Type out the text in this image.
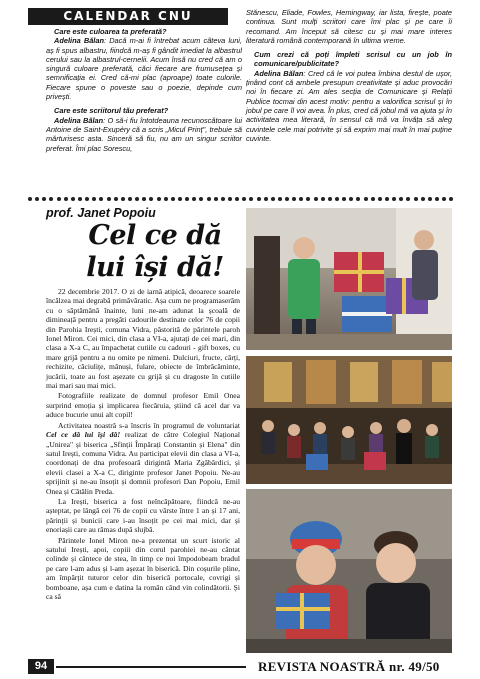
CALENDAR CNU
Care este culoarea ta preferată?
Adelina Bălan: Dacă m-ai fi întrebat acum câteva luni, aș fi spus albastru, fiindcă m-aș fi gândit imediat la albastrul cerului sau la albastrul-cernelii. Acum însă nu cred că am o singură culoare preferată, căci fiecare are frumusețea și semnificația ei. Cred că-mi plac (aproape) toate culorile. Fiecare spune o poveste sau o poezie, depinde cum privești.
Care este scriitorul tău preferat?
Adelina Bălan: O să-i fiu întotdeauna recunoscătoare lui Antoine de Saint-Exupéry că a scris „Micul Prinț", trebuie să mărturisesc asta. Sinceră să fiu, nu am un singur scriitor preferat. Îmi plac Sorescu,
Stănescu, Eliade, Fowles, Hemingway, iar lista, firește, poate continua. Sunt mulți scriitori care îmi plac și pe care îi recomand. Am început să citesc cu și mai mare interes literatură română contemporană în ultima vreme.
Cum crezi că poți împleti scrisul cu un job în comunicare/publicitate?
Adelina Bălan: Cred că le voi putea îmbina destul de ușor, ținând cont că ambele presupun creativitate și aduc provocări noi în fiecare zi. Am ales secția de Comunicare și Relații Publice tocmai din acest motiv: pentru a valorifica scrisul și în jobul pe care îl voi avea. În plus, cred că jobul mă va ajuta și în activitatea mea literară, în sensul că mă va învăța să aleg cuvintele cele mai potrivite și să exprim mai mult în mai puține cuvinte.
prof. Janet Popoiu
Cel ce dă lui își dă!

22 decembrie 2017. O zi de iarnă atipică, deoarece soarele încălzea mai degrabă primăvăratic. Așa cum ne programaserăm cu o săptămână înainte, luni ne-am adunat la școală de dimineață pentru a pregăti cadourile destinate celor 76 de copii din Parohia Irești, comuna Vidra, păstorită de părintele paroh Ionel Miron. Cei mici, din clasa a VI-a, ajutați de cei mari, din clasa a X-a C, au împachetat cutiile cu cadouri - gift boxes, cu mare grijă pentru a nu omite pe nimeni. Dulciuri, fructe, cărți, rechizite, căciulițe, mănuși, fulare, obiecte de îmbrăcăminte, jucării, toate au fost așezate cu grijă și cu dragoste în cutiile mai mari sau mai mici.

Fotografiile realizate de domnul profesor Emil Onea surprind emoția și implicarea fiecăruia, știind că acel dar va aduce bucurie unui alt copil!

Activitatea noastră s-a înscris în programul de voluntariat Cel ce dă lui își dă! realizat de către Colegiul Național „Unirea" și biserica „Sfinții Împărați Constantin și Elena" din satul Irești, comuna Vidra. Au participat elevii din clasa a VI-a, coordonați de dna profesoară dirigintă Maria Zgăbărdici, și elevii clasei a X-a C, diriginte profesor Janet Popoiu. Ne-au sprijinit și ne-au însoțit și domnii profesori Dan Popoiu, Emil Onea și Cătălin Preda.

La Irești, biserica a fost neîncăpătoare, fiindcă ne-au așteptat, pe lângă cei 76 de copii cu vârste între 1 an și 17 ani, părinții și bunicii care i-au însoțit pe cei mai mici, dar și enoriașii care au rămas după slujbă.

Părintele Ionel Miron ne-a prezentat un scurt istoric al satului Irești, apoi, copiii din corul parohiei ne-au cântat colinde și cântece de stea, în timp ce noi împodobeam bradul pe care l-am adus și l-am așezat în biserică. Din coșurile pline, am împărțit tuturor celor din biserică portocale, covrigi și bomboane, așa cum e datina la român când vin colindătorii. Și ca să

94	REVISTA NOASTRĂ nr. 49/50
